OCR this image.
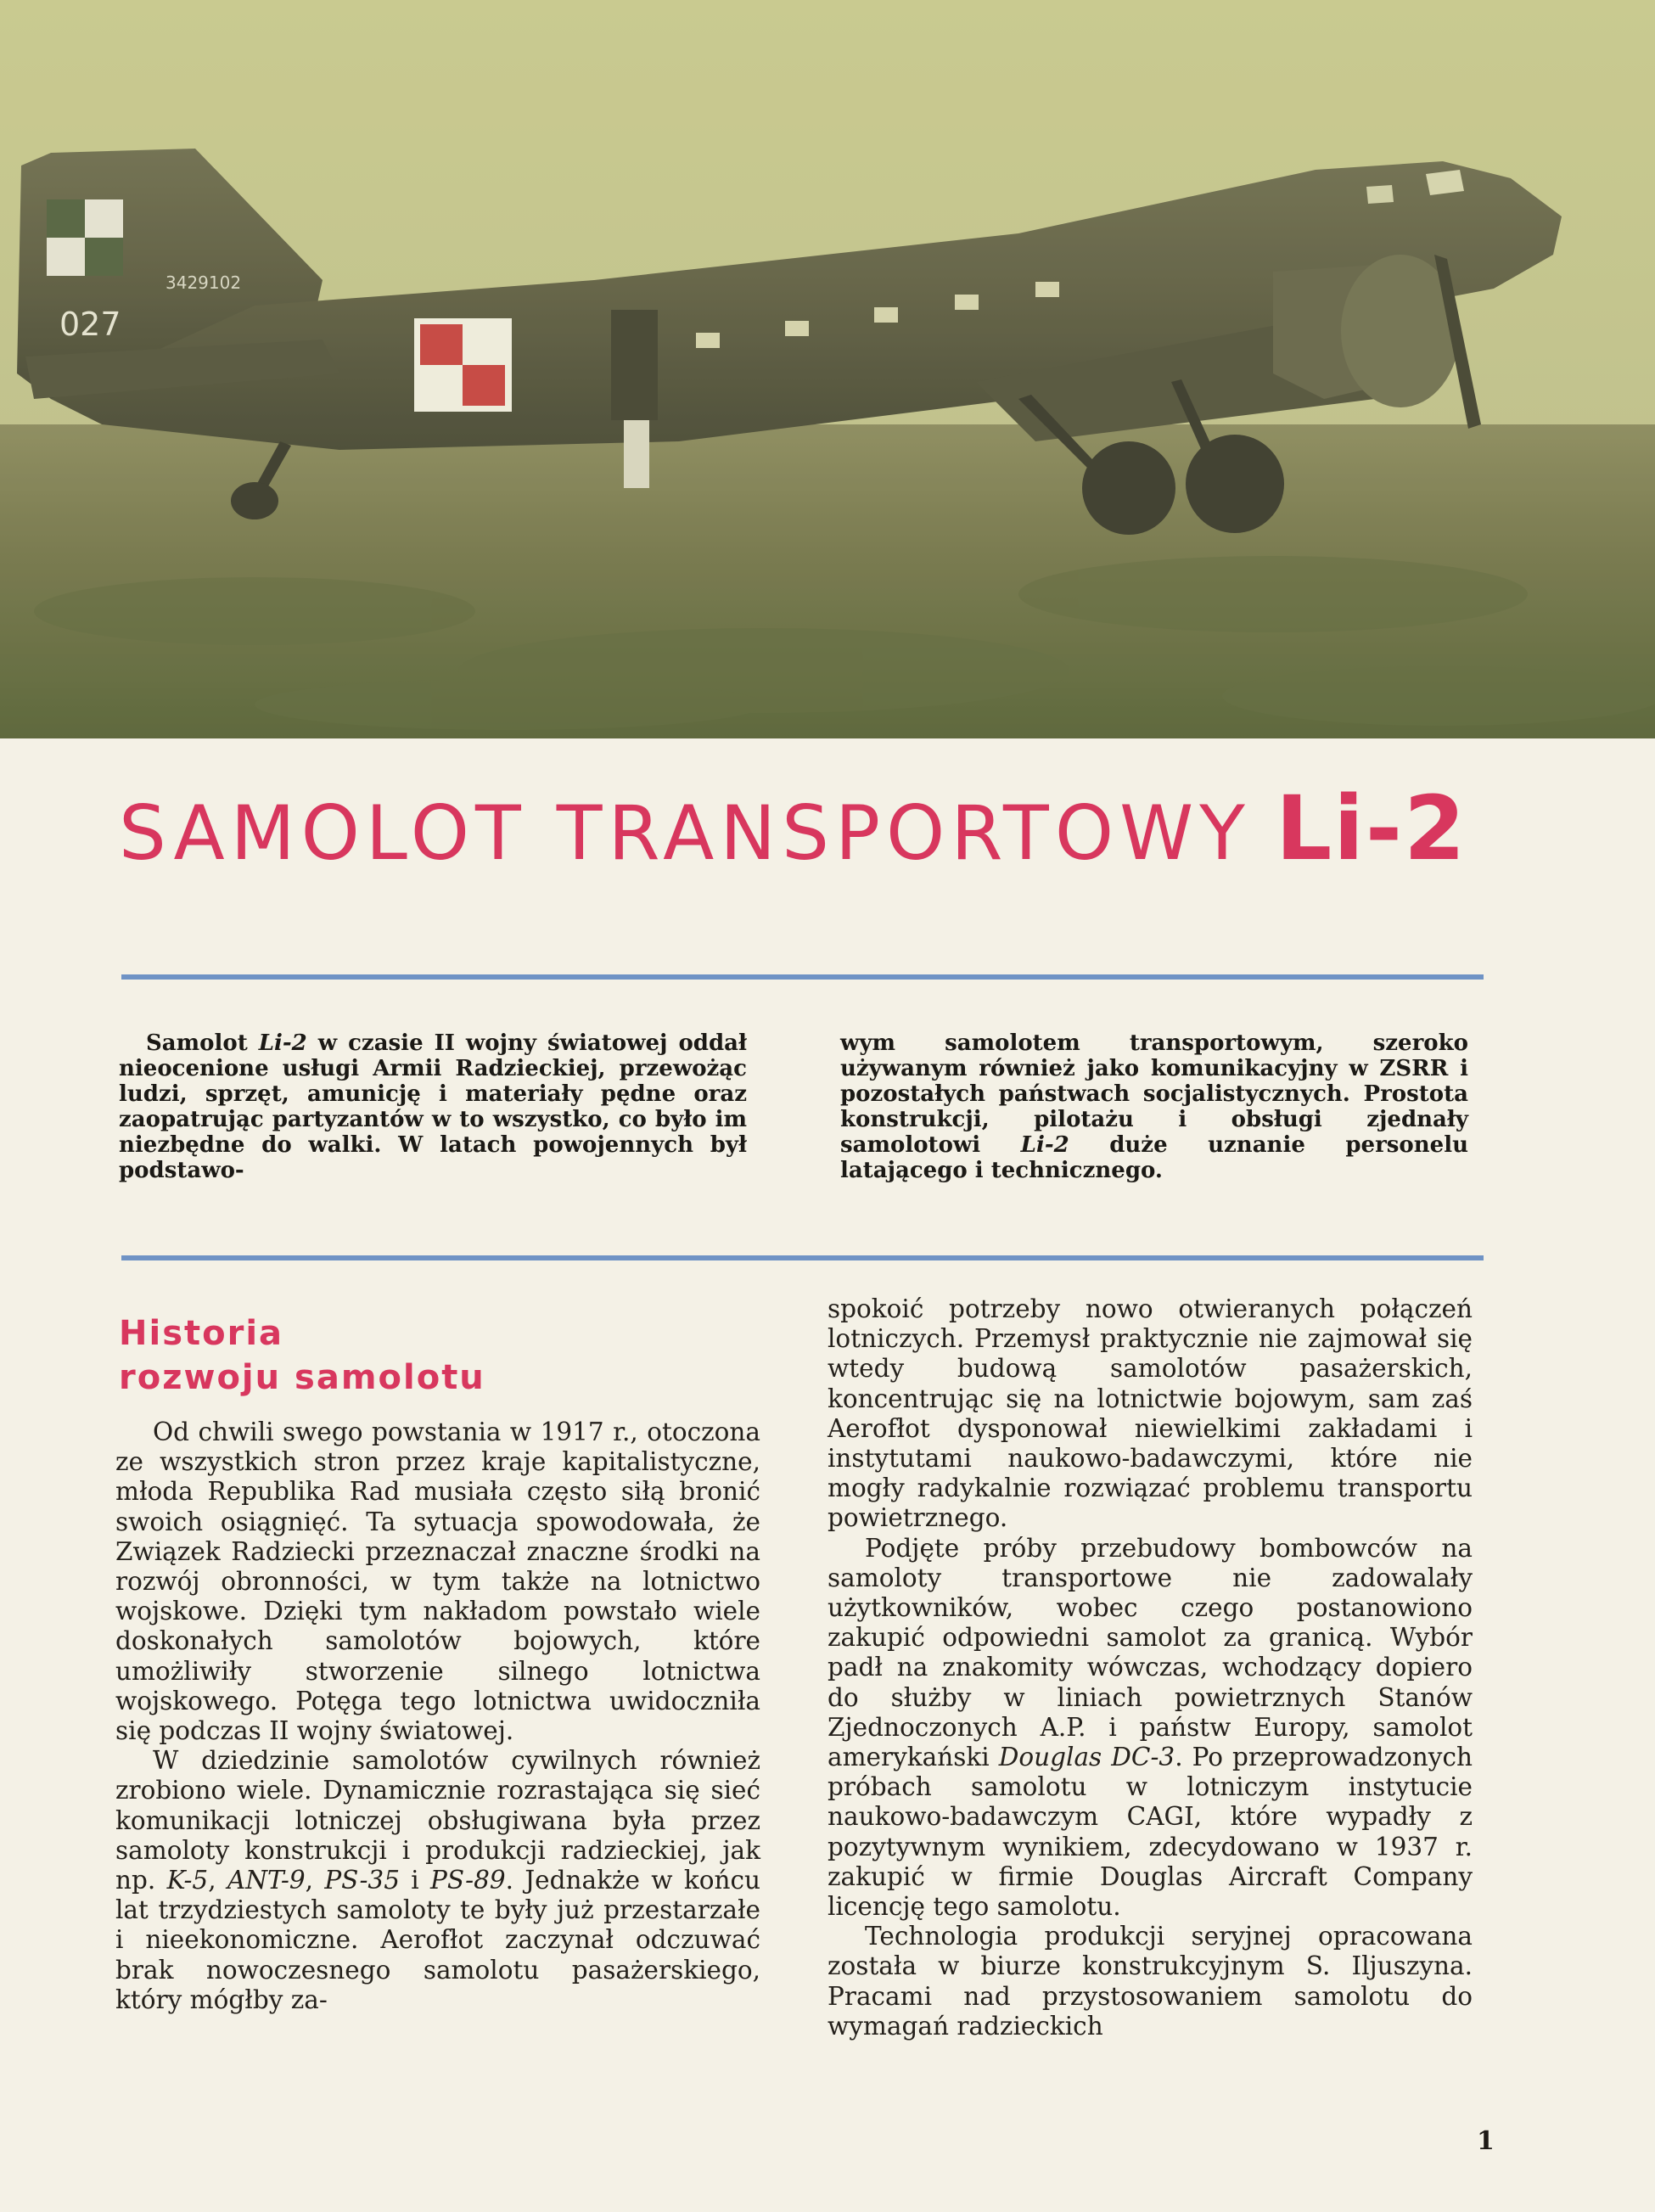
027
3429102
SAMOLOT TRANSPORTOWY Li-2
Samolot Li-2 w czasie II wojny światowej oddał nieocenione usługi Armii Radzieckiej, przewożąc ludzi, sprzęt, amunicję i materiały pędne oraz zaopatrując partyzantów w to wszystko, co było im niezbędne do walki. W latach powojennych był podstawo-
wym samolotem transportowym, szeroko używanym również jako komunikacyjny w ZSRR i pozostałych państwach socjalistycznych. Prostota konstrukcji, pilotażu i obsługi zjednały samolotowi Li-2 duże uznanie personelu latającego i technicznego.
Historia
rozwoju samolotu

Od chwili swego powstania w 1917 r., otoczona ze wszystkich stron przez kraje kapitalistyczne, młoda Republika Rad musiała często siłą bronić swoich osiągnięć. Ta sytuacja spowodowała, że Związek Radziecki przeznaczał znaczne środki na rozwój obronności, w tym także na lotnictwo wojskowe. Dzięki tym nakładom powstało wiele doskonałych samolotów bojowych, które umożliwiły stworzenie silnego lotnictwa wojskowego. Potęga tego lotnictwa uwidoczniła się podczas II wojny światowej.

W dziedzinie samolotów cywilnych również zrobiono wiele. Dynamicznie rozrastająca się sieć komunikacji lotniczej obsługiwana była przez samoloty konstrukcji i produkcji radzieckiej, jak np. K-5, ANT-9, PS-35 i PS-89. Jednakże w końcu lat trzydziestych samoloty te były już przestarzałe i nieekonomiczne. Aerofłot zaczynał odczuwać brak nowoczesnego samolotu pasażerskiego, który mógłby za-

spokoić potrzeby nowo otwieranych połączeń lotniczych. Przemysł praktycznie nie zajmował się wtedy budową samolotów pasażerskich, koncentrując się na lotnictwie bojowym, sam zaś Aerofłot dysponował niewielkimi zakładami i instytutami naukowo-badawczymi, które nie mogły radykalnie rozwiązać problemu transportu powietrznego.

Podjęte próby przebudowy bombowców na samoloty transportowe nie zadowalały użytkowników, wobec czego postanowiono zakupić odpowiedni samolot za granicą. Wybór padł na znakomity wówczas, wchodzący dopiero do służby w liniach powietrznych Stanów Zjednoczonych A.P. i państw Europy, samolot amerykański Douglas DC-3. Po przeprowadzonych próbach samolotu w lotniczym instytucie naukowo-badawczym CAGI, które wypadły z pozytywnym wynikiem, zdecydowano w 1937 r. zakupić w firmie Douglas Aircraft Company licencję tego samolotu.

Technologia produkcji seryjnej opracowana została w biurze konstrukcyjnym S. Iljuszyna. Pracami nad przystosowaniem samolotu do wymagań radzieckich

1
